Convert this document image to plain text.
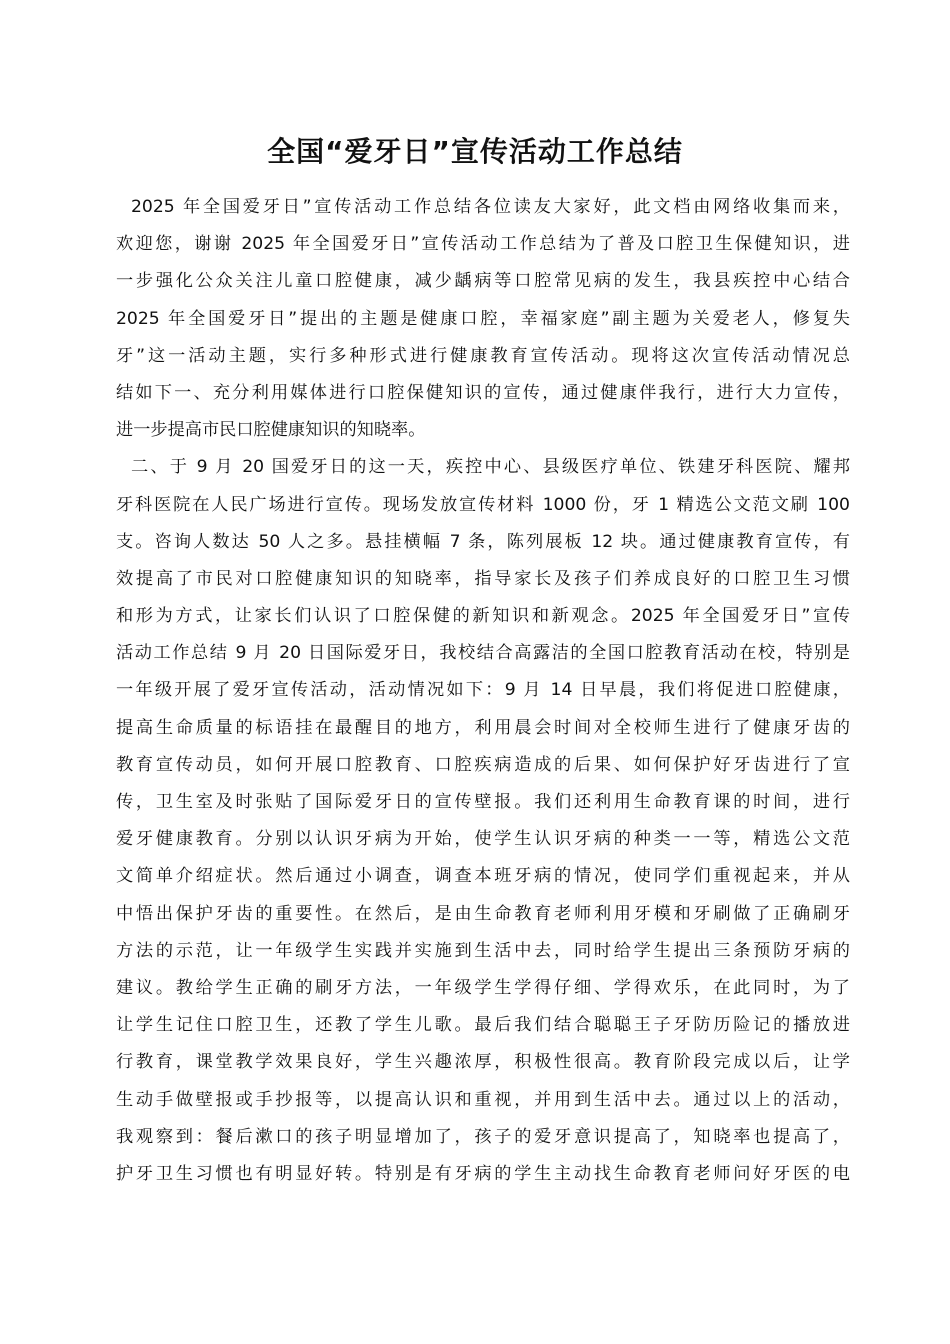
全国“爱牙日”宣传活动工作总结
2025 年全国爱牙日”宣传活动工作总结各位读友大家好，此文档由网络收集而来，
欢迎您，谢谢 2025 年全国爱牙日”宣传活动工作总结为了普及口腔卫生保健知识，进
一步强化公众关注儿童口腔健康，减少龋病等口腔常见病的发生，我县疾控中心结合
2025 年全国爱牙日”提出的主题是健康口腔，幸福家庭”副主题为关爱老人，修复失
牙”这一活动主题，实行多种形式进行健康教育宣传活动。现将这次宣传活动情况总
结如下一、充分利用媒体进行口腔保健知识的宣传，通过健康伴我行，进行大力宣传，
进一步提高市民口腔健康知识的知晓率。
二、于 9 月 20 国爱牙日的这一天，疾控中心、县级医疗单位、铁建牙科医院、耀邦
牙科医院在人民广场进行宣传。现场发放宣传材料 1000 份，牙 1 精选公文范文刷 100
支。咨询人数达 50 人之多。悬挂横幅 7 条，陈列展板 12 块。通过健康教育宣传，有
效提高了市民对口腔健康知识的知晓率，指导家长及孩子们养成良好的口腔卫生习惯
和形为方式，让家长们认识了口腔保健的新知识和新观念。2025 年全国爱牙日”宣传
活动工作总结 9 月 20 日国际爱牙日，我校结合高露洁的全国口腔教育活动在校，特别是
一年级开展了爱牙宣传活动，活动情况如下：9 月 14 日早晨，我们将促进口腔健康，
提高生命质量的标语挂在最醒目的地方，利用晨会时间对全校师生进行了健康牙齿的
教育宣传动员，如何开展口腔教育、口腔疾病造成的后果、如何保护好牙齿进行了宣
传，卫生室及时张贴了国际爱牙日的宣传壁报。我们还利用生命教育课的时间，进行
爱牙健康教育。分别以认识牙病为开始，使学生认识牙病的种类一一等，精选公文范
文简单介绍症状。然后通过小调查，调查本班牙病的情况，使同学们重视起来，并从
中悟出保护牙齿的重要性。在然后，是由生命教育老师利用牙模和牙刷做了正确刷牙
方法的示范，让一年级学生实践并实施到生活中去，同时给学生提出三条预防牙病的
建议。教给学生正确的刷牙方法，一年级学生学得仔细、学得欢乐，在此同时，为了
让学生记住口腔卫生，还教了学生儿歌。最后我们结合聪聪王子牙防历险记的播放进
行教育，课堂教学效果良好，学生兴趣浓厚，积极性很高。教育阶段完成以后，让学
生动手做壁报或手抄报等，以提高认识和重视，并用到生活中去。通过以上的活动，
我观察到：餐后漱口的孩子明显增加了，孩子的爱牙意识提高了，知晓率也提高了，
护牙卫生习惯也有明显好转。特别是有牙病的学生主动找生命教育老师问好牙医的电
